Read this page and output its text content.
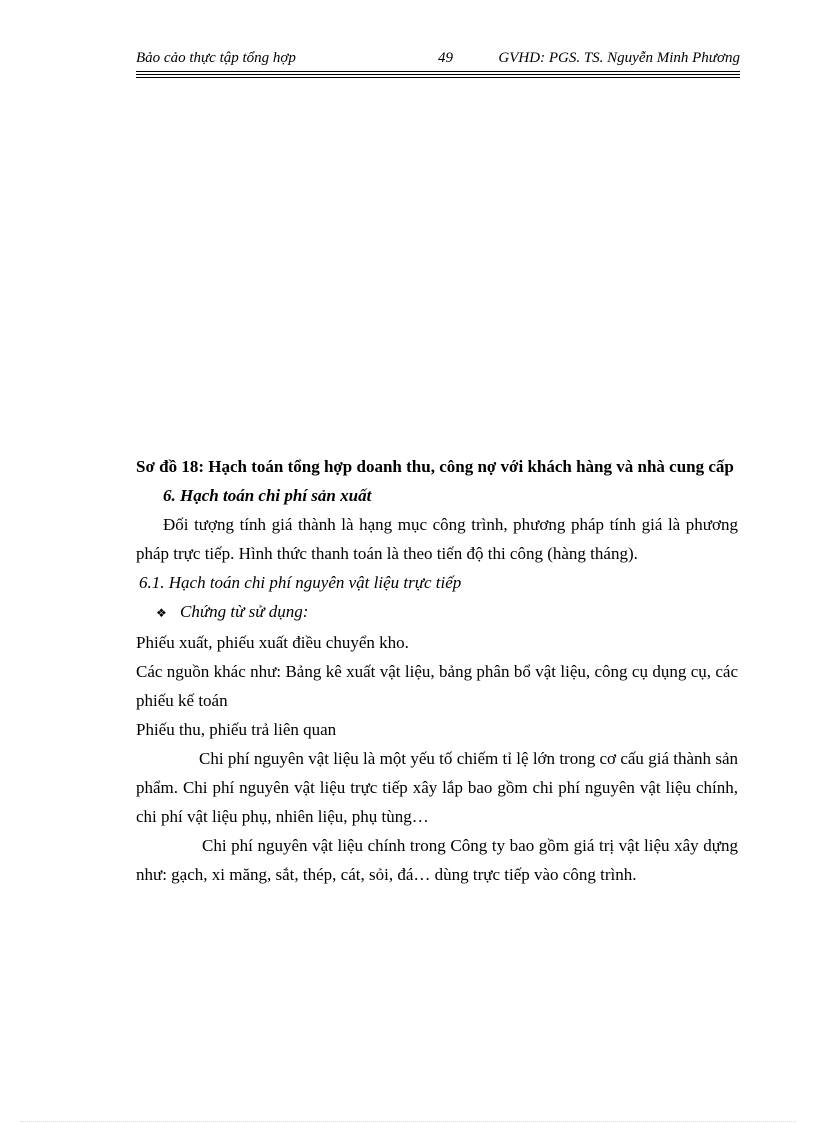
Bảo cảo thực tập tổng hợp	49	GVHD: PGS. TS. Nguyễn Minh Phương

Sơ đồ 18: Hạch toán tổng hợp doanh thu, công nợ với khách hàng và nhà cung cấp

6. Hạch toán chi phí sản xuất

Đối tượng tính giá thành là hạng mục công trình, phương pháp tính giá là phương pháp trực tiếp. Hình thức thanh toán là theo tiến độ thi công (hàng tháng).

6.1. Hạch toán chi phí nguyên vật liệu trực tiếp

❖ Chứng từ sử dụng:

Phiếu xuất, phiếu xuất điều chuyển kho.

Các nguồn khác như: Bảng kê xuất vật liệu, bảng phân bổ vật liệu, công cụ dụng cụ, các phiếu kế toán

Phiếu thu, phiếu trả liên quan

Chi phí nguyên vật liệu là một yếu tố chiếm tỉ lệ lớn trong cơ cấu giá thành sản phẩm. Chi phí nguyên vật liệu trực tiếp xây lắp bao gồm chi phí nguyên vật liệu chính, chi phí vật liệu phụ, nhiên liệu, phụ tùng…

Chi phí nguyên vật liệu chính trong Công ty bao gồm giá trị vật liệu xây dựng như: gạch, xi măng, sắt, thép, cát, sỏi, đá… dùng trực tiếp vào công trình.
